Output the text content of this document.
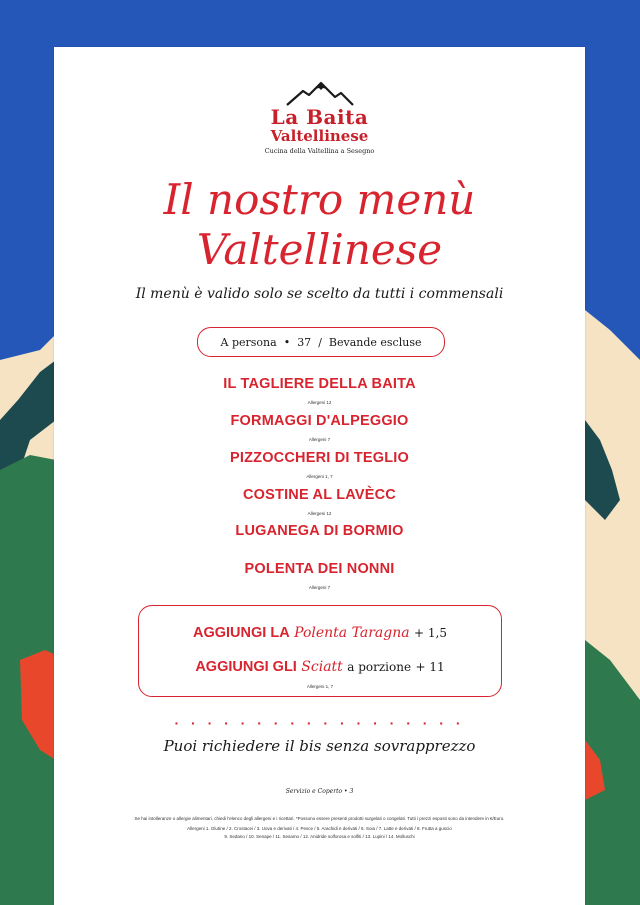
La Baita
Valtellinese
Cucina della Valtellina a Sesegno
Il nostro menù
Valtellinese
Il menù è valido solo se scelto da tutti i commensali
A persona • 37 / Bevande escluse
IL TAGLIERE DELLA BAITA
Allergeni 12
FORMAGGI D'ALPEGGIO
Allergeni 7
PIZZOCCHERI DI TEGLIO
Allergeni 1, 7
COSTINE AL LAVÈCC
Allergeni 12
LUGANEGA DI BORMIO
POLENTA DEI NONNI
Allergeni 7
AGGIUNGI LA Polenta Taragna + 1,5
AGGIUNGI GLI Sciatt a porzione + 11
Allergeni 1, 7
· · · · · · · · · · · · · · · · · ·
Puoi richiedere il bis senza sovrapprezzo
Servizio e Coperto • 3
Se hai intolleranze o allergie alimentari, chiedi l'elenco degli allergeni e i ricettari. *Possono essere presenti prodotti surgelati o congelati. Tutti i prezzi esposti sono da intendere in €/Euro.
Allergeni 1. Glutine / 2. Crostacei / 3. Uova e derivati / 4. Pesce / 5. Arachidi e derivati / 6. Soia / 7. Latte e derivati / 8. Frutta a guscio
9. Sedano / 10. Senape / 11. Sesamo / 12. Anidride solforosa e solfiti / 13. Lupini / 14. Molluschi
